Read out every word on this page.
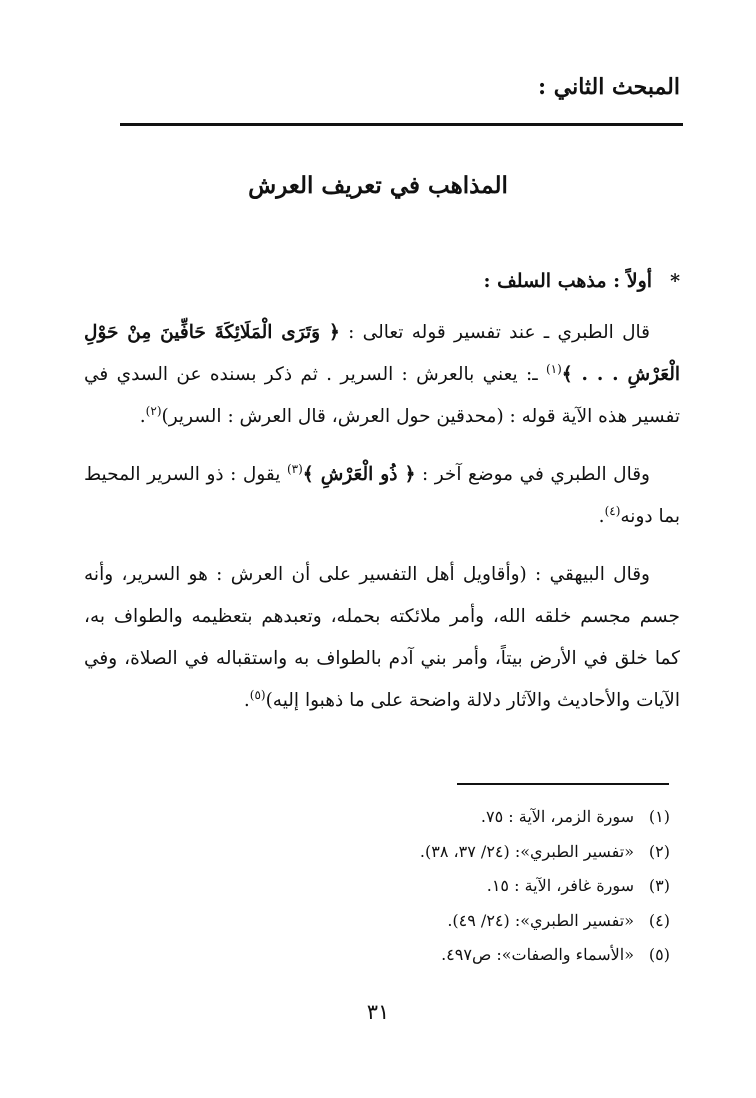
المبحث الثاني :
المذاهب في تعريف العرش
*أولاً : مذهب السلف :

قال الطبري ـ عند تفسير قوله تعالى : ﴿ وَتَرَى الْمَلَائِكَةَ حَافِّينَ مِنْ حَوْلِ الْعَرْشِ . . . ﴾$^{(١)}$ ـ: يعني بالعرش : السرير . ثم ذكر بسنده عن السدي في تفسير هذه الآية قوله : (محدقين حول العرش، قال العرش : السرير)$^{(٢)}$.

وقال الطبري في موضع آخر : ﴿ ذُو الْعَرْشِ ﴾$^{(٣)}$ يقول : ذو السرير المحيط بما دونه$^{(٤)}$.

وقال البيهقي : (وأقاويل أهل التفسير على أن العرش : هو السرير، وأنه جسم مجسم خلقه الله، وأمر ملائكته بحمله، وتعبدهم بتعظيمه والطواف به، كما خلق في الأرض بيتاً، وأمر بني آدم بالطواف به واستقباله في الصلاة، وفي الآيات والأحاديث والآثار دلالة واضحة على ما ذهبوا إليه)$^{(٥)}$.

(١)سورة الزمر، الآية : ٧٥.
(٢)«تفسير الطبري»: (٢٤/ ٣٧، ٣٨).
(٣)سورة غافر، الآية : ١٥.
(٤)«تفسير الطبري»: (٢٤/ ٤٩).
(٥)«الأسماء والصفات»: ص٤٩٧.
٣١
